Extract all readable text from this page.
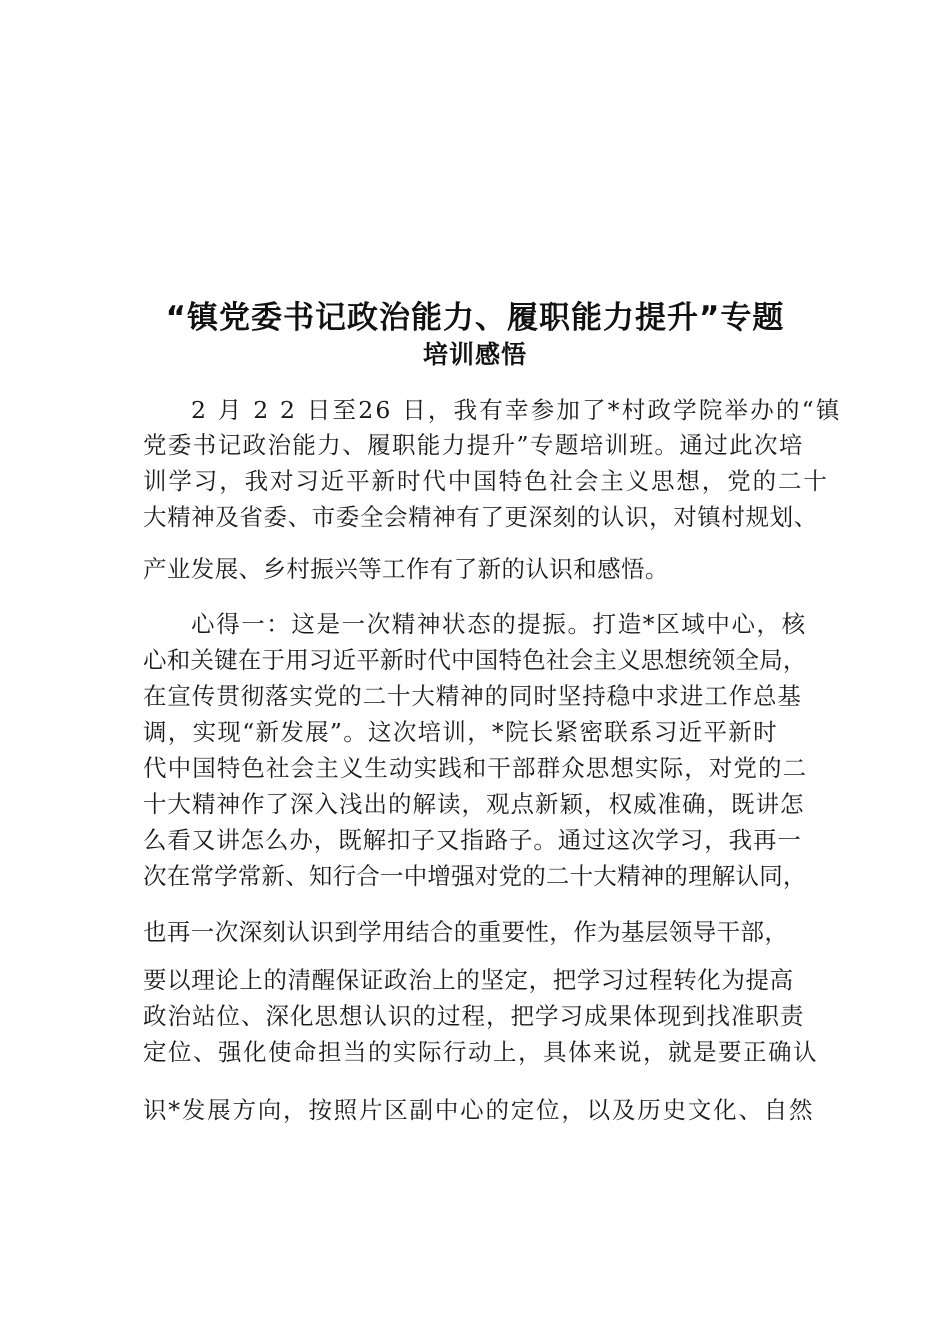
“镇党委书记政治能力、履职能力提升”专题
培训感悟
2 月 2 2 日至26 日，我有幸参加了*村政学院举办的“镇
党委书记政治能力、履职能力提升”专题培训班。通过此次培
训学习，我对习近平新时代中国特色社会主义思想，党的二十
大精神及省委、市委全会精神有了更深刻的认识，对镇村规划、
产业发展、乡村振兴等工作有了新的认识和感悟。
心得一：这是一次精神状态的提振。打造*区域中心，核
心和关键在于用习近平新时代中国特色社会主义思想统领全局，
在宣传贯彻落实党的二十大精神的同时坚持稳中求进工作总基
调，实现“新发展”。这次培训，*院长紧密联系习近平新时
代中国特色社会主义生动实践和干部群众思想实际，对党的二
十大精神作了深入浅出的解读，观点新颖，权威准确，既讲怎
么看又讲怎么办，既解扣子又指路子。通过这次学习，我再一
次在常学常新、知行合一中增强对党的二十大精神的理解认同，
也再一次深刻认识到学用结合的重要性，作为基层领导干部，
要以理论上的清醒保证政治上的坚定，把学习过程转化为提高
政治站位、深化思想认识的过程，把学习成果体现到找准职责
定位、强化使命担当的实际行动上，具体来说，就是要正确认
识*发展方向，按照片区副中心的定位，以及历史文化、自然
